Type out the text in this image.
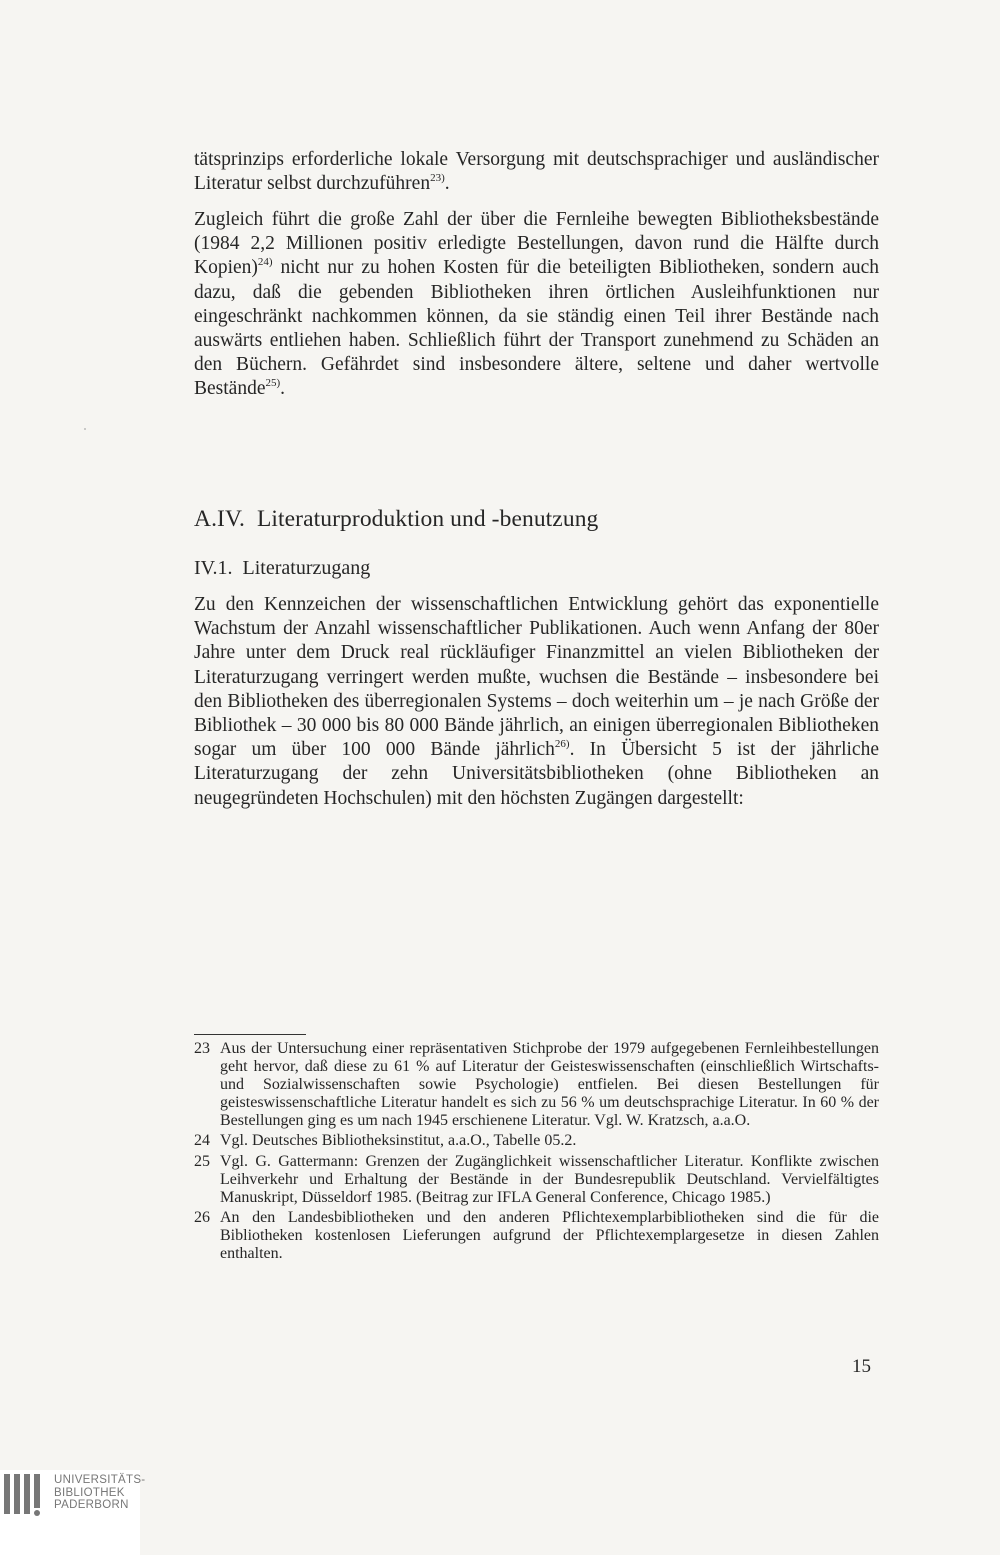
tätsprinzips erforderliche lokale Versorgung mit deutschsprachiger und ausländischer Literatur selbst durchzuführen$^{23)}$.

Zugleich führt die große Zahl der über die Fernleihe bewegten Bibliotheksbestände (1984 2,2 Millionen positiv erledigte Bestellungen, davon rund die Hälfte durch Kopien)$^{24)}$ nicht nur zu hohen Kosten für die beteiligten Bibliotheken, sondern auch dazu, daß die gebenden Bibliotheken ihren örtlichen Ausleihfunktionen nur eingeschränkt nachkommen können, da sie ständig einen Teil ihrer Bestände nach auswärts entliehen haben. Schließlich führt der Transport zunehmend zu Schäden an den Büchern. Gefährdet sind insbesondere ältere, seltene und daher wertvolle Bestände$^{25)}$.

A.IV.  Literaturproduktion und -benutzung
IV.1.  Literaturzugang

Zu den Kennzeichen der wissenschaftlichen Entwicklung gehört das exponentielle Wachstum der Anzahl wissenschaftlicher Publikationen. Auch wenn Anfang der 80er Jahre unter dem Druck real rückläufiger Finanzmittel an vielen Bibliotheken der Literaturzugang verringert werden mußte, wuchsen die Bestände – insbesondere bei den Bibliotheken des überregionalen Systems – doch weiterhin um – je nach Größe der Bibliothek – 30 000 bis 80 000 Bände jährlich, an einigen überregionalen Bibliotheken sogar um über 100 000 Bände jährlich$^{26)}$. In Übersicht 5 ist der jährliche Literaturzugang der zehn Universitätsbibliotheken (ohne Bibliotheken an neugegründeten Hochschulen) mit den höchsten Zugängen dargestellt:

23 Aus der Untersuchung einer repräsentativen Stichprobe der 1979 aufgegebenen Fernleihbestellungen geht hervor, daß diese zu 61 % auf Literatur der Geisteswissenschaften (einschließlich Wirtschafts- und Sozialwissenschaften sowie Psychologie) entfielen. Bei diesen Bestellungen für geisteswissenschaftliche Literatur handelt es sich zu 56 % um deutschsprachige Literatur. In 60 % der Bestellungen ging es um nach 1945 erschienene Literatur. Vgl. W. Kratzsch, a.a.O.
24 Vgl. Deutsches Bibliotheksinstitut, a.a.O., Tabelle 05.2.
25 Vgl. G. Gattermann: Grenzen der Zugänglichkeit wissenschaftlicher Literatur. Konflikte zwischen Leihverkehr und Erhaltung der Bestände in der Bundesrepublik Deutschland. Vervielfältigtes Manuskript, Düsseldorf 1985. (Beitrag zur IFLA General Conference, Chicago 1985.)
26 An den Landesbibliotheken und den anderen Pflichtexemplarbibliotheken sind die für die Bibliotheken kostenlosen Lieferungen aufgrund der Pflichtexemplargesetze in diesen Zahlen enthalten.
15
UNIVERSITÄTS-
BIBLIOTHEK
PADERBORN
